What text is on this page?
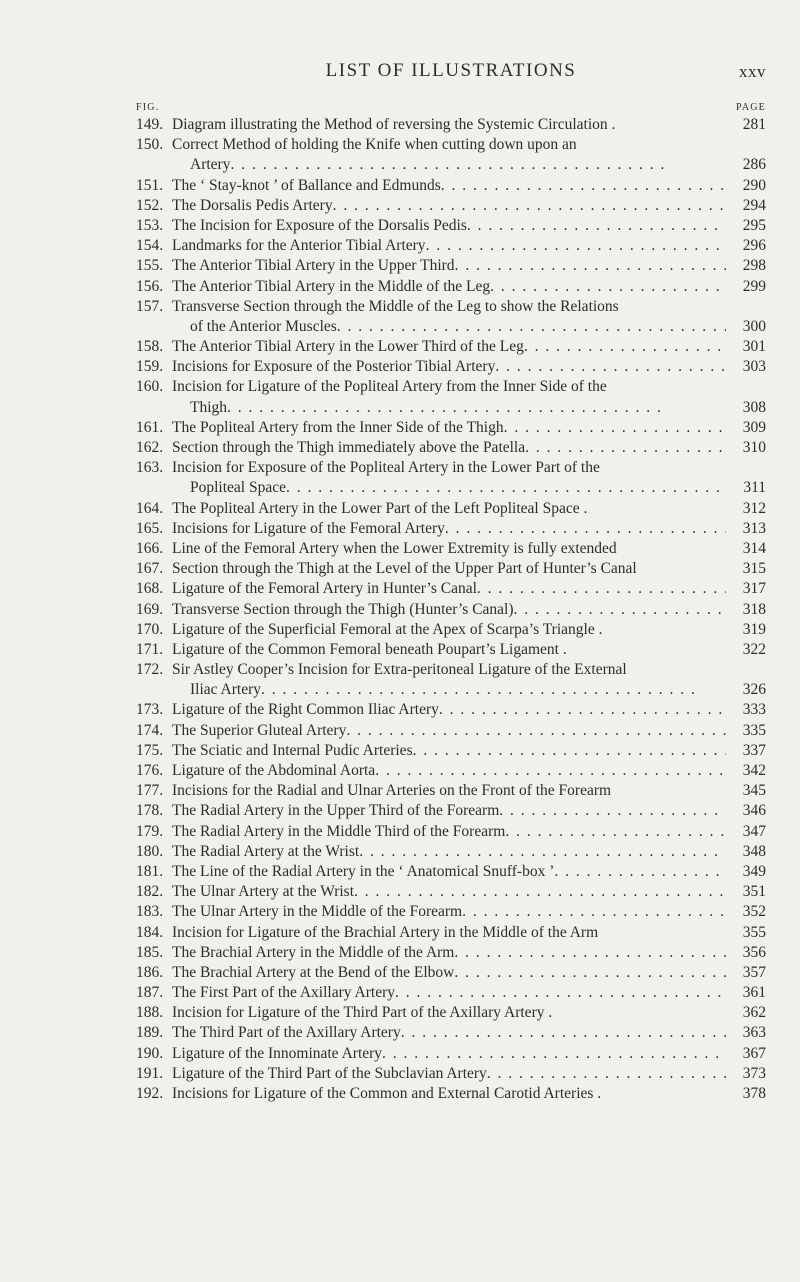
LIST OF ILLUSTRATIONS	xxv
FIG.	PAGE
149. Diagram illustrating the Method of reversing the Systemic Circulation .	281
150. Correct Method of holding the Knife when cutting down upon an
Artery . .	286
151. The ‘ Stay-knot ’ of Ballance and Edmunds . .	290
152. The Dorsalis Pedis Artery . .	294
153. The Incision for Exposure of the Dorsalis Pedis . .	295
154. Landmarks for the Anterior Tibial Artery . .	296
155. The Anterior Tibial Artery in the Upper Third . .	298
156. The Anterior Tibial Artery in the Middle of the Leg . .	299
157. Transverse Section through the Middle of the Leg to show the Relations
of the Anterior Muscles . .	300
158. The Anterior Tibial Artery in the Lower Third of the Leg . .	301
159. Incisions for Exposure of the Posterior Tibial Artery . .	303
160. Incision for Ligature of the Popliteal Artery from the Inner Side of the
Thigh . .	308
161. The Popliteal Artery from the Inner Side of the Thigh . .	309
162. Section through the Thigh immediately above the Patella . .	310
163. Incision for Exposure of the Popliteal Artery in the Lower Part of the
Popliteal Space . .	311
164. The Popliteal Artery in the Lower Part of the Left Popliteal Space .	312
165. Incisions for Ligature of the Femoral Artery . .	313
166. Line of the Femoral Artery when the Lower Extremity is fully extended	314
167. Section through the Thigh at the Level of the Upper Part of Hunter’s Canal	315
168. Ligature of the Femoral Artery in Hunter’s Canal . .	317
169. Transverse Section through the Thigh (Hunter’s Canal) . .	318
170. Ligature of the Superficial Femoral at the Apex of Scarpa’s Triangle .	319
171. Ligature of the Common Femoral beneath Poupart’s Ligament .	322
172. Sir Astley Cooper’s Incision for Extra-peritoneal Ligature of the External
Iliac Artery . .	326
173. Ligature of the Right Common Iliac Artery . .	333
174. The Superior Gluteal Artery . .	335
175. The Sciatic and Internal Pudic Arteries . .	337
176. Ligature of the Abdominal Aorta . .	342
177. Incisions for the Radial and Ulnar Arteries on the Front of the Forearm	345
178. The Radial Artery in the Upper Third of the Forearm . .	346
179. The Radial Artery in the Middle Third of the Forearm . .	347
180. The Radial Artery at the Wrist . .	348
181. The Line of the Radial Artery in the ‘ Anatomical Snuff-box ’ . .	349
182. The Ulnar Artery at the Wrist . .	351
183. The Ulnar Artery in the Middle of the Forearm . .	352
184. Incision for Ligature of the Brachial Artery in the Middle of the Arm	355
185. The Brachial Artery in the Middle of the Arm . .	356
186. The Brachial Artery at the Bend of the Elbow . .	357
187. The First Part of the Axillary Artery . .	361
188. Incision for Ligature of the Third Part of the Axillary Artery .	362
189. The Third Part of the Axillary Artery . .	363
190. Ligature of the Innominate Artery . .	367
191. Ligature of the Third Part of the Subclavian Artery . .	373
192. Incisions for Ligature of the Common and External Carotid Arteries .	378
